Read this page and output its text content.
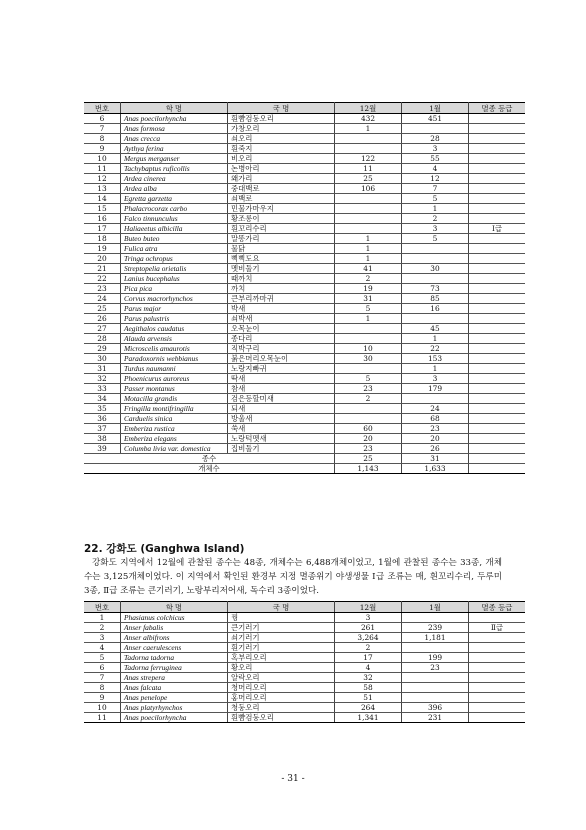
번호	학 명	국 명	12월	1월	멸종 등급
6	Anas poecilorhyncha	흰뺨검둥오리	432	451	
7	Anas formosa	가창오리	1		
8	Anas crecca	쇠오리		28	
9	Aythya ferina	흰죽지		3	
10	Mergus merganser	비오리	122	55	
11	Tachybaptus ruficollis	논병아리	11	4	
12	Ardea cinerea	왜가리	25	12	
13	Ardea alba	중대백로	106	7	
14	Egretta garzetta	쇠백로		5	
15	Phalacrocorax carbo	민물가마우지		1	
16	Falco tinnunculus	황조롱이		2	
17	Haliaeetus albicilla	흰꼬리수리		3	Ⅰ급
18	Buteo buteo	말똥가리	1	5	
19	Fulica atra	물닭	1		
20	Tringa ochropus	삑삑도요	1		
21	Streptopelia orietalis	멧비둘기	41	30	
22	Lanius bucephalus	때까치	2		
23	Pica pica	까치	19	73	
24	Corvus macrorhynchos	큰부리까마귀	31	85	
25	Parus major	박새	5	16	
26	Parus palustris	쇠박새	1		
27	Aegithalos caudatus	오목눈이		45	
28	Alauda arvensis	종다리		1	
29	Microscelis amaurotis	직박구리	10	22	
30	Paradoxornis webbianus	붉은머리오목눈이	30	153	
31	Turdus naumanni	노랑지빠귀		1	
32	Phoenicurus auroreus	딱새	5	3	
33	Passer montanus	참새	23	179	
34	Motacilla grandis	검은등할미새	2		
35	Fringilla montifringilla	되새		24	
36	Carduelis sinica	방울새		68	
37	Emberiza rustica	쑥새	60	23	
38	Emberiza elegans	노랑턱멧새	20	20	
39	Columba livia var. domestica	집비둘기	23	26	
종수			25	31	
개체수			1,143	1,633	
22. 강화도 (Ganghwa Island)

강화도 지역에서 12월에 관찰된 종수는 48종, 개체수는 6,488개체이었고, 1월에 관찰된 종수는 33종, 개체수는 3,125개체이었다. 이 지역에서 확인된 환경부 지정 멸종위기 야생생물 Ⅰ급 조류는 매, 흰꼬리수리, 두루미 3종, Ⅱ급 조류는 큰기러기, 노랑부리저어새, 독수리 3종이었다.

번호	학 명	국 명	12월	1월	멸종 등급
1	Phasianus colchicus	꿩	3		
2	Anser fabalis	큰기러기	261	239	Ⅱ급
3	Anser albifrons	쇠기러기	3,264	1,181	
4	Anser caerulescens	흰기러기	2		
5	Tadorna tadorna	혹부리오리	17	199	
6	Tadorna ferruginea	황오리	4	23	
7	Anas strepera	알락오리	32		
8	Anas falcata	청머리오리	58		
9	Anas penelope	홍머리오리	51		
10	Anas platyrhynchos	청둥오리	264	396	
11	Anas poecilorhyncha	흰뺨검둥오리	1,341	231	
- 31 -
